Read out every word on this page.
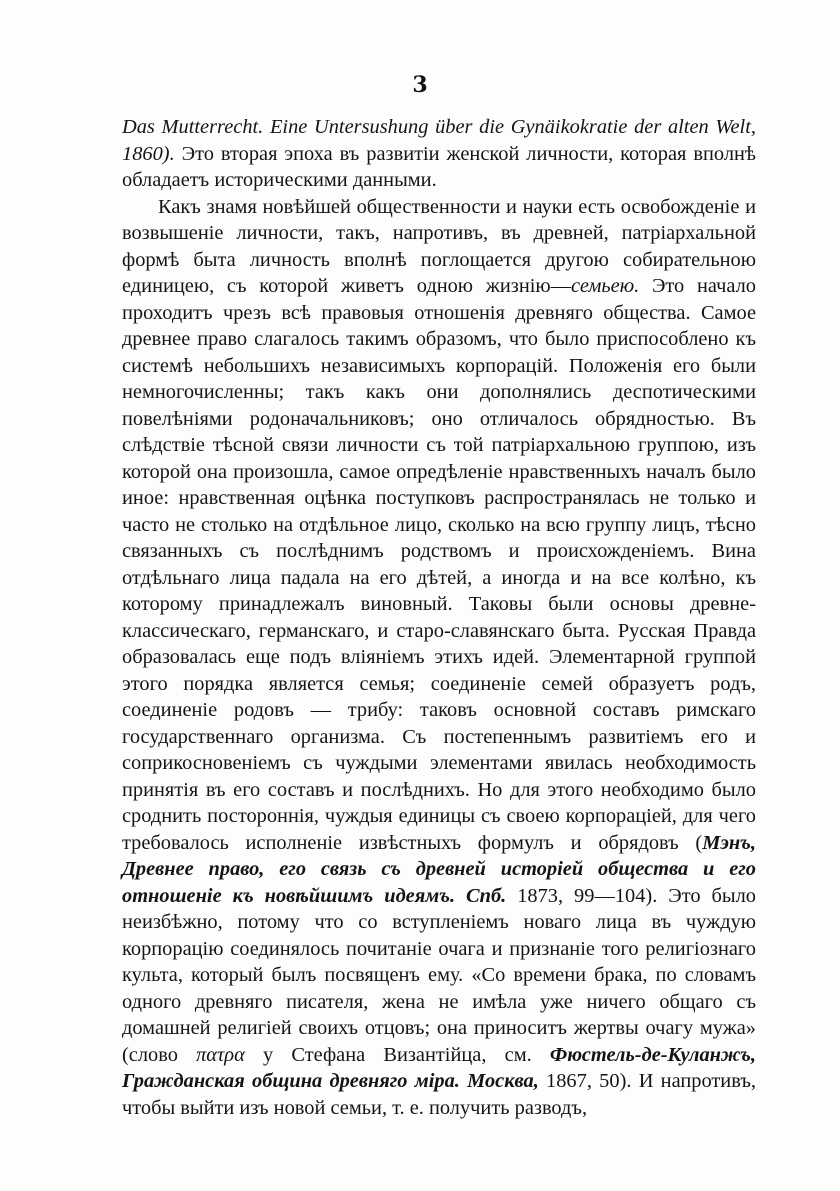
3

Das Mutterrecht. Eine Untersushung über die Gynäikokratie der alten Welt, 1860). Это вторая эпоха въ развитіи женской личности, которая вполнѣ обладаетъ историческими данными.

Какъ знамя новѣйшей общественности и науки есть освобожденіе и возвышеніе личности, такъ, напротивъ, въ древней, патріархальной формѣ быта личность вполнѣ поглощается другою собирательною единицею, съ которой живетъ одною жизнію—семьею. Это начало проходитъ чрезъ всѣ правовыя отношенія древняго общества. Самое древнее право слагалось такимъ образомъ, что было приспособлено къ системѣ небольшихъ независимыхъ корпорацій. Положенія его были немногочисленны; такъ какъ они дополнялись деспотическими повелѣніями родоначальниковъ; оно отличалось обрядностью. Въ слѣдствіе тѣсной связи личности съ той патріархальною группою, изъ которой она произошла, самое опредѣленіе нравственныхъ началъ было иное: нравственная оцѣнка поступковъ распространялась не только и часто не столько на отдѣльное лицо, сколько на всю группу лицъ, тѣсно связанныхъ съ послѣднимъ родствомъ и происхожденіемъ. Вина отдѣльнаго лица падала на его дѣтей, а иногда и на все колѣно, къ которому принадлежалъ виновный. Таковы были основы древне-классическаго, германскаго, и старо-славянскаго быта. Русская Правда образовалась еще подъ вліяніемъ этихъ идей. Элементарной группой этого порядка является семья; соединеніе семей образуетъ родъ, соединеніе родовъ — трибу: таковъ основной составъ римскаго государственнаго организма. Съ постепеннымъ развитіемъ его и соприкосновеніемъ съ чуждыми элементами явилась необходимость принятія въ его составъ и послѣднихъ. Но для этого необходимо было сроднить постороннія, чуждыя единицы съ своею корпораціей, для чего требовалось исполненіе извѣстныхъ формулъ и обрядовъ (Мэнъ, Древнее право, его связь съ древней исторіей общества и его отношеніе къ новѣйшимъ идеямъ. Спб. 1873, 99—104). Это было неизбѣжно, потому что со вступленіемъ новаго лица въ чуждую корпорацію соединялось почитаніе очага и признаніе того религіознаго культа, который былъ посвященъ ему. «Со времени брака, по словамъ одного древняго писателя, жена не имѣла уже ничего общаго съ домашней религіей своихъ отцовъ; она приноситъ жертвы очагу мужа» (слово πατρα у Стефана Византійца, см. Фюстель-де-Куланжъ, Гражданская община древняго міра. Москва, 1867, 50). И напротивъ, чтобы выйти изъ новой семьи, т. е. получить разводъ,
